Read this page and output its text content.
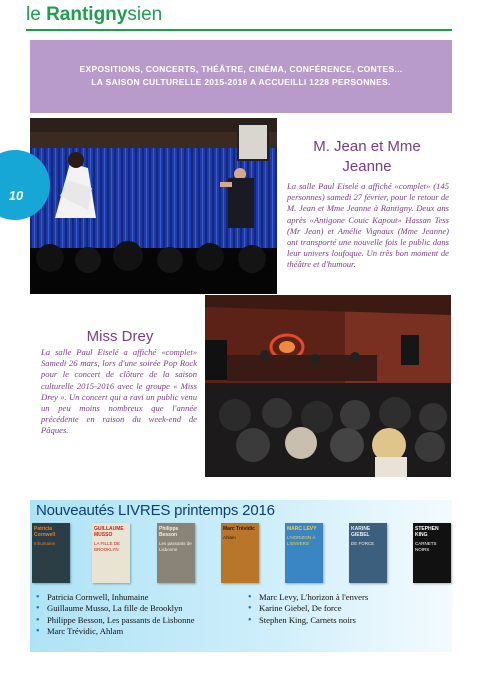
le Rantignysien
EXPOSITIONS, CONCERTS, THÉÂTRE, CINÉMA, CONFÉRENCE, CONTES...
LA SAISON CULTURELLE 2015-2016 A ACCUEILLI 1228 PERSONNES.
10
M. Jean et Mme
Jeanne
La salle Paul Eiselé a affiché «complet» (145 personnes) samedi 27 février, pour le retour de M. Jean et Mme Jeanne à Rantigny. Deux ans après «Antigone Couic Kapout» Hassan Tess (Mr Jean) et Amélie Vignaux (Mme Jeanne) ont transporté une nouvelle fois le public dans leur univers loufoque. Un très bon moment de théâtre et d'humour.
Miss Drey
La salle Paul Eiselé a affiché «complet» Samedi 26 mars, lors d'une soirée Pop Rock pour le concert de clôture de la saison culturelle 2015-2016 avec le groupe « Miss Drey ». Un concert qui a ravi un public venu un peu moins nombreux que l'année précédente en raison du week-end de Pâques.
Nouveautés LIVRES printemps 2016
Patricia Cornwell
Inhumaine
GUILLAUME MUSSO
LA FILLE DE BROOKLYN
Philippe Besson
Les passants de Lisbonne
Marc Trévidic
Ahlam
MARC LEVY
L'HORIZON À L'ENVERS
KARINE GIEBEL
DE FORCE
STEPHEN KING
CARNETS NOIRS
• Patricia Cornwell, Inhumaine
• Guillaume Musso, La fille de Brooklyn
• Philippe Besson, Les passants de Lisbonne
• Marc Trévidic, Ahlam
• Marc Levy, L'horizon à l'envers
• Karine Giebel, De force
• Stephen King, Carnets noirs
